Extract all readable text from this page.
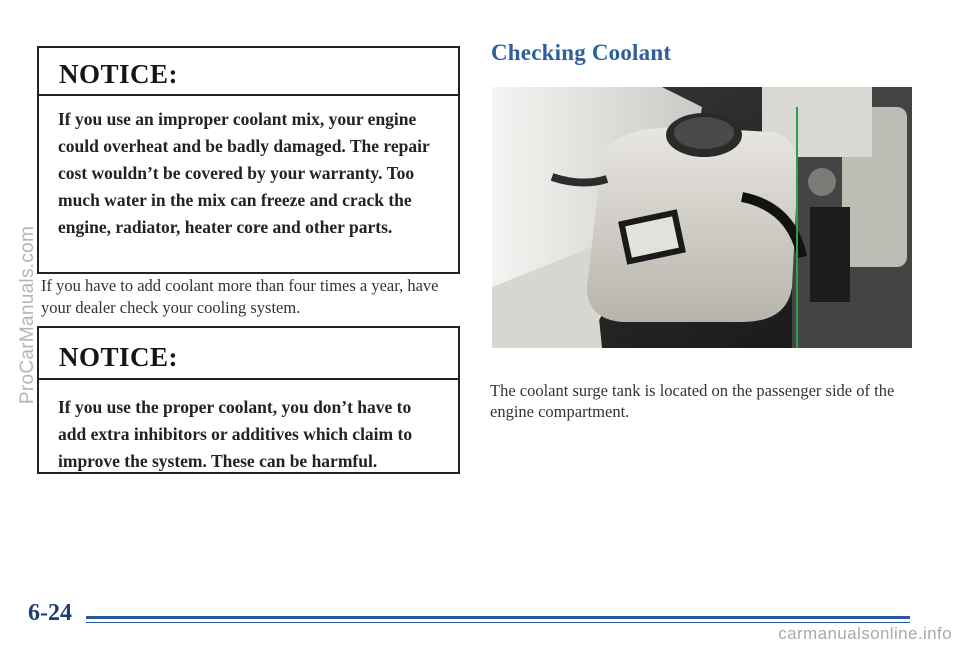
NOTICE:
If you use an improper coolant mix, your engine could overheat and be badly damaged. The repair cost wouldn’t be covered by your warranty. Too much water in the mix can freeze and crack the engine, radiator, heater core and other parts.
If you have to add coolant more than four times a year, have your dealer check your cooling system.
NOTICE:
If you use the proper coolant, you don’t have to add extra inhibitors or additives which claim to improve the system. These can be harmful.
Checking Coolant
The coolant surge tank is located on the passenger side of the engine compartment.
6-24
ProCarManuals.com
carmanualsonline.info
